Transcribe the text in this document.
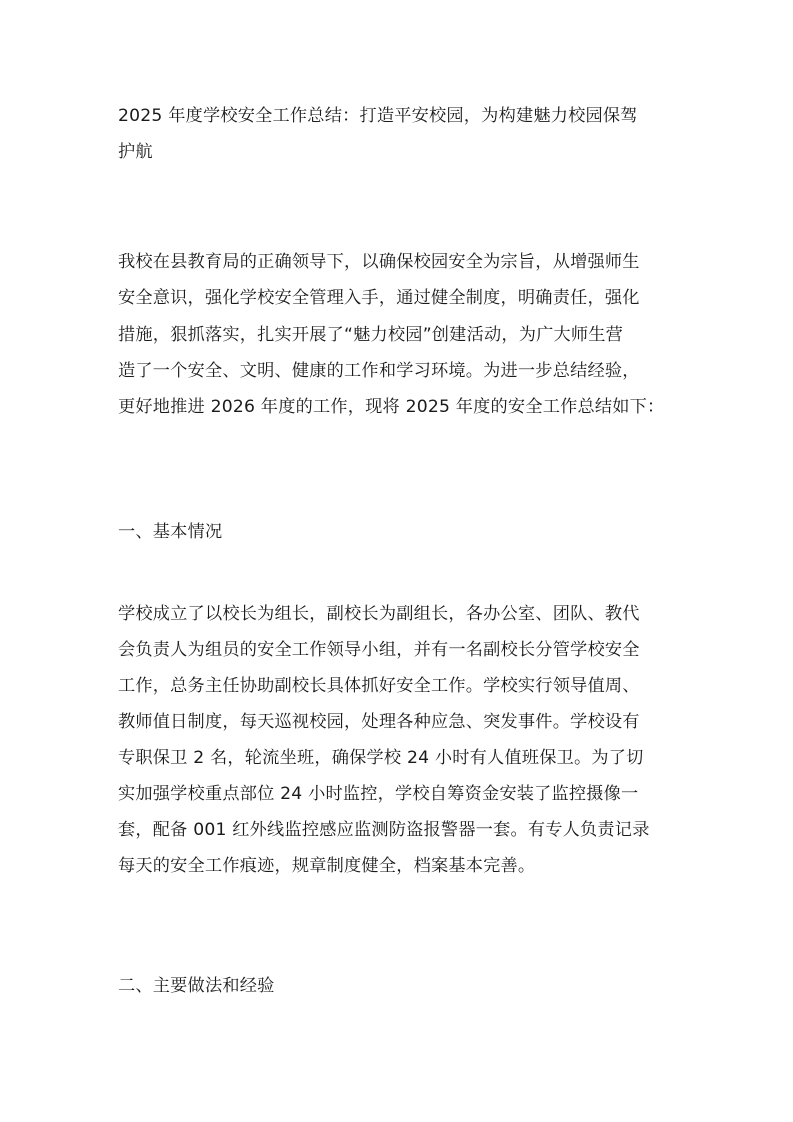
2025 年度学校安全工作总结：打造平安校园，为构建魅力校园保驾
护航
我校在县教育局的正确领导下，以确保校园安全为宗旨，从增强师生
安全意识，强化学校安全管理入手，通过健全制度，明确责任，强化
措施，狠抓落实，扎实开展了“魅力校园”创建活动，为广大师生营
造了一个安全、文明、健康的工作和学习环境。为进一步总结经验，
更好地推进 2026 年度的工作，现将 2025 年度的安全工作总结如下：
一、基本情况
学校成立了以校长为组长，副校长为副组长，各办公室、团队、教代
会负责人为组员的安全工作领导小组，并有一名副校长分管学校安全
工作，总务主任协助副校长具体抓好安全工作。学校实行领导值周、
教师值日制度，每天巡视校园，处理各种应急、突发事件。学校设有
专职保卫 2 名，轮流坐班，确保学校 24 小时有人值班保卫。为了切
实加强学校重点部位 24 小时监控，学校自筹资金安装了监控摄像一
套，配备 001 红外线监控感应监测防盗报警器一套。有专人负责记录
每天的安全工作痕迹，规章制度健全，档案基本完善。
二、主要做法和经验
